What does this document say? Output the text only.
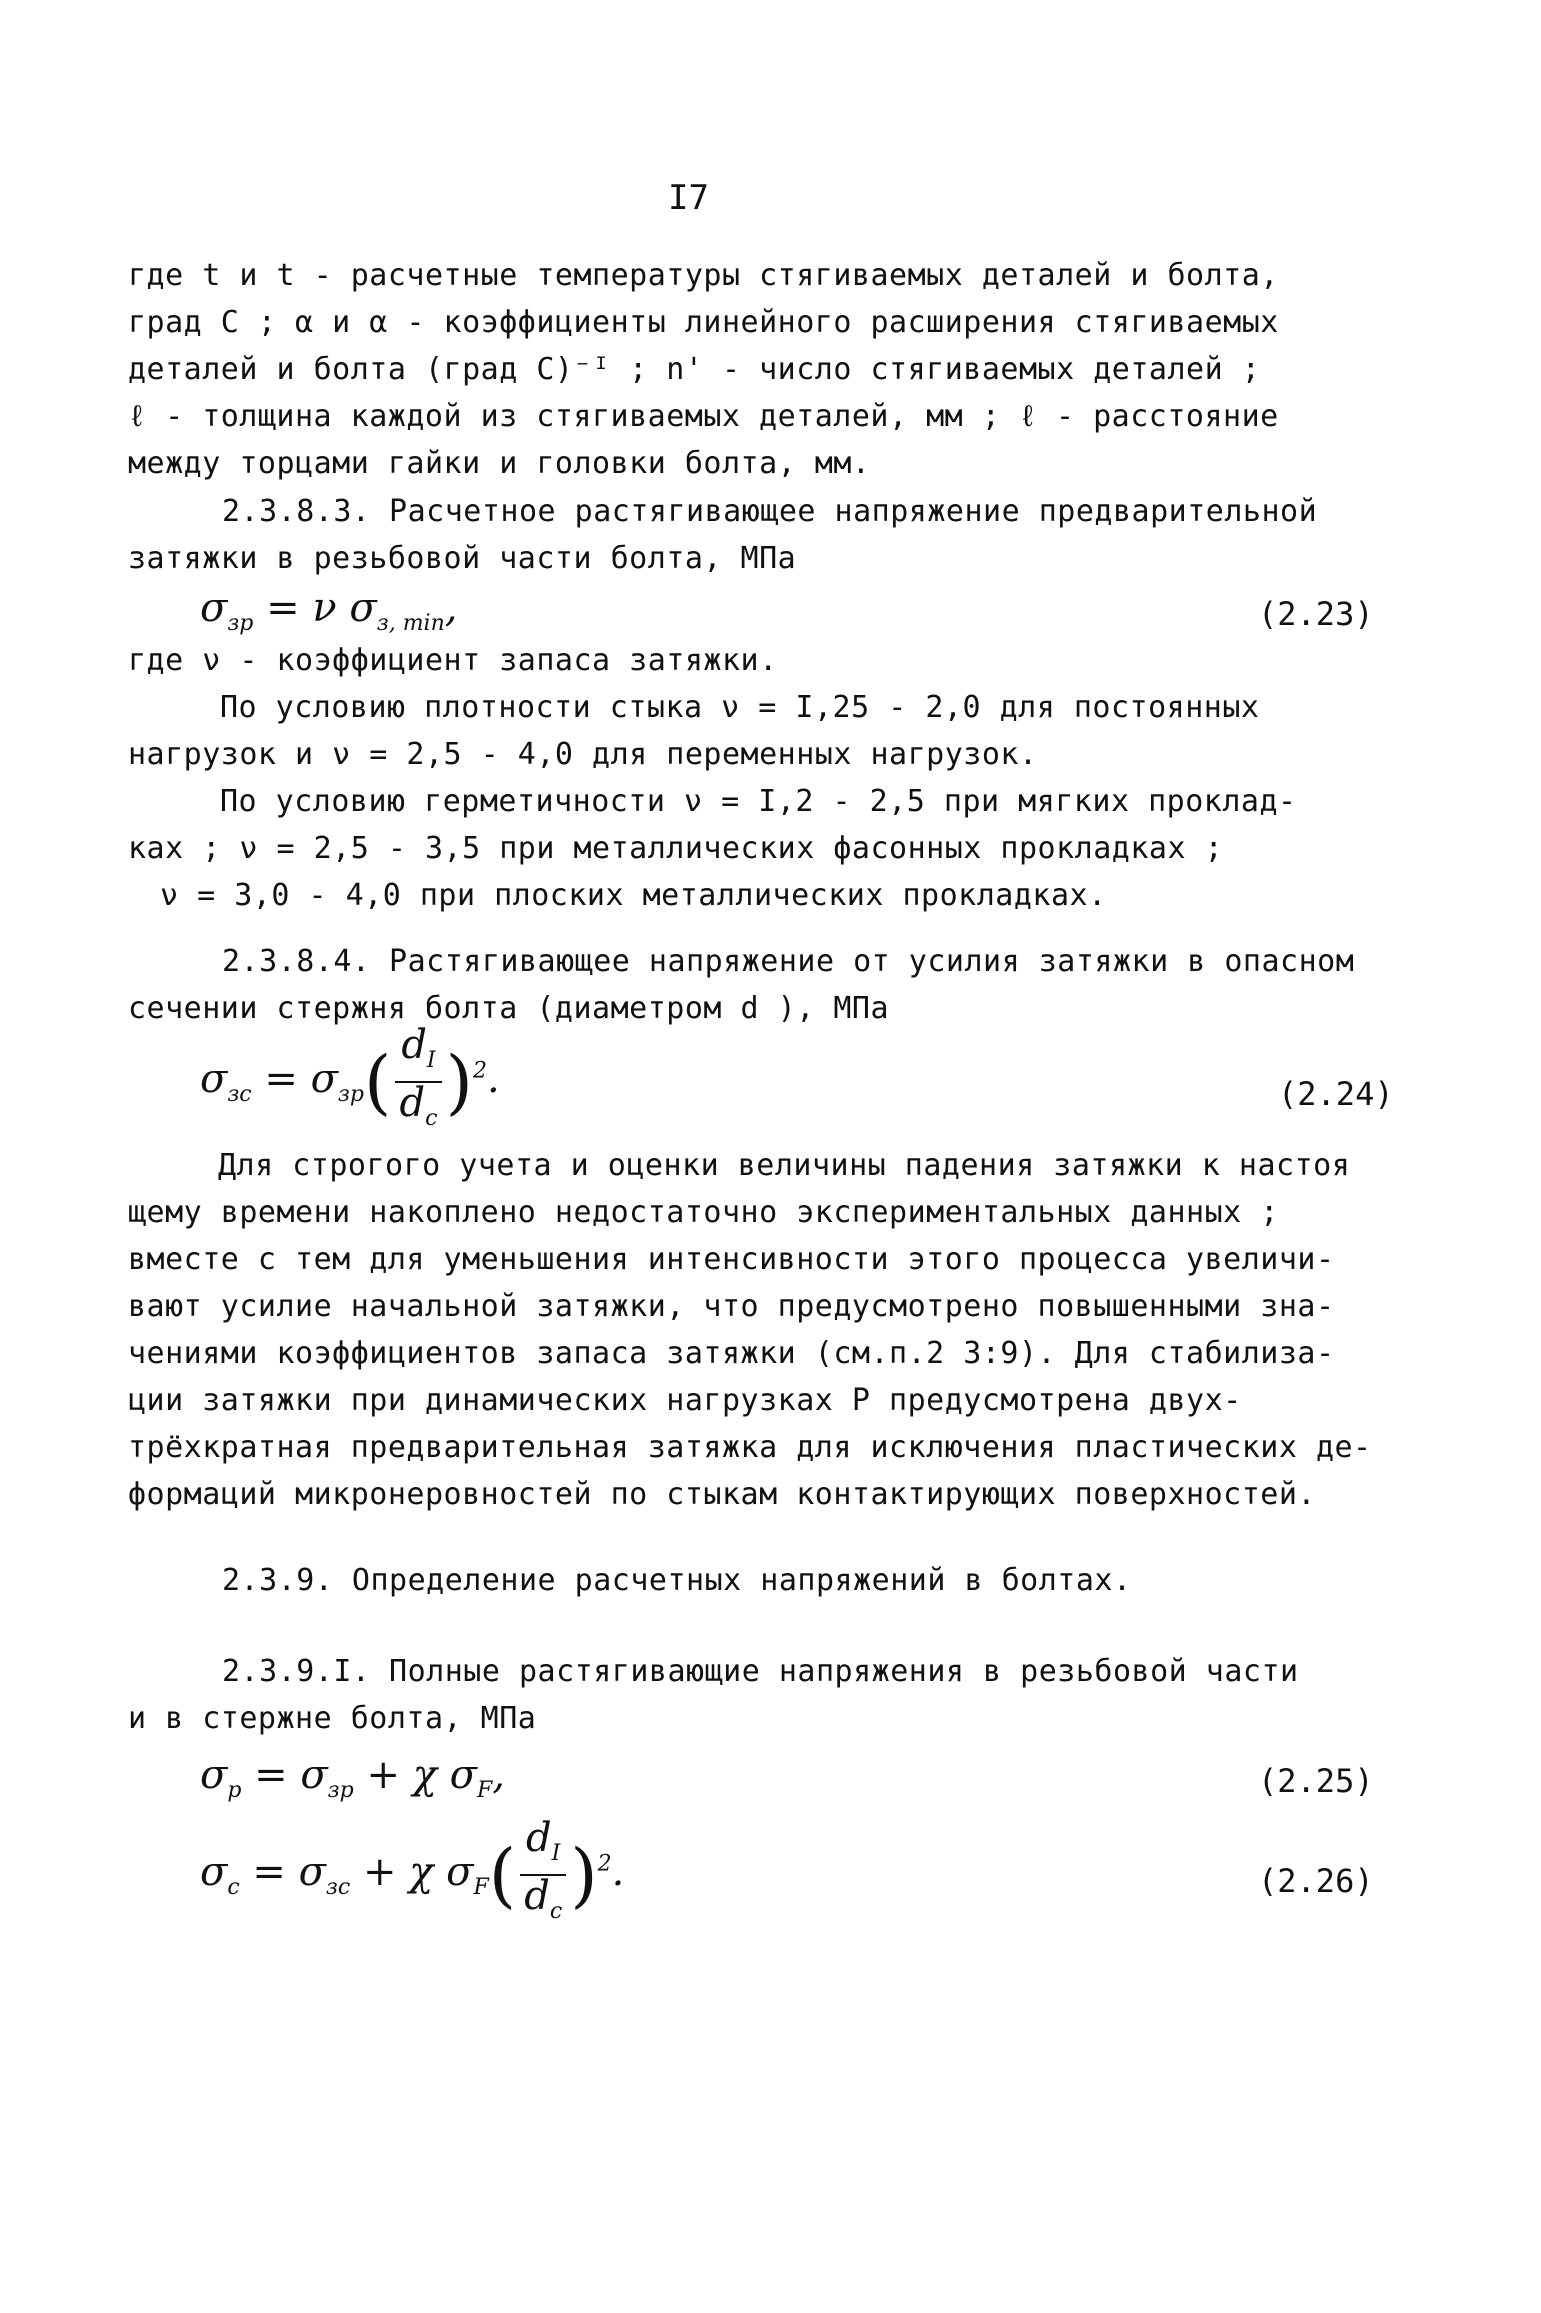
I7
где t и t - расчетные температуры стягиваемых деталей и болта,
град С ; α и α - коэффициенты линейного расширения стягиваемых
деталей и болта (град С)⁻ᴵ ; n' - число стягиваемых деталей ;
ℓ - толщина каждой из стягиваемых деталей, мм ; ℓ - расстояние
между торцами гайки и головки болта, мм.
2.3.8.3. Расчетное растягивающее напряжение предварительной
затяжки в резьбовой части болта, МПа
$\sigma_{зр} = \nu$ $\sigma_{з, min}$,	(2.23)
где ν - коэффициент запаса затяжки.
По условию плотности стыка ν = I,25 - 2,0 для постоянных
нагрузок и ν = 2,5 - 4,0 для переменных нагрузок.
По условию герметичности ν = I,2 - 2,5 при мягких проклад-
ках ; ν = 2,5 - 3,5 при металлических фасонных прокладках ;
ν = 3,0 - 4,0 при плоских металлических прокладках.
2.3.8.4. Растягивающее напряжение от усилия затяжки в опасном
сечении стержня болта (диаметром d ), МПа
$\sigma_{зс} = \sigma_{зр}( \frac{d_I}{d_c} )^2$.	(2.24)
Для строгого учета и оценки величины падения затяжки к настоя
щему времени накоплено недостаточно экспериментальных данных ;
вместе с тем для уменьшения интенсивности этого процесса увеличи-
вают усилие начальной затяжки, что предусмотрено повышенными зна-
чениями коэффициентов запаса затяжки (см.п.2 3:9). Для стабилиза-
ции затяжки при динамических нагрузках Р предусмотрена двух-
трёхкратная предварительная затяжка для исключения пластических де-
формаций микронеровностей по стыкам контактирующих поверхностей.
2.3.9. Определение расчетных напряжений в болтах.
2.3.9.I. Полные растягивающие напряжения в резьбовой части
и в стержне болта, МПа
$\sigma_р = \sigma_{зр} + \chi$ $\sigma_F$,	(2.25)
$\sigma_с = \sigma_{зс} + \chi$ $\sigma_F( \frac{d_I}{d_c} )^2$.	(2.26)
